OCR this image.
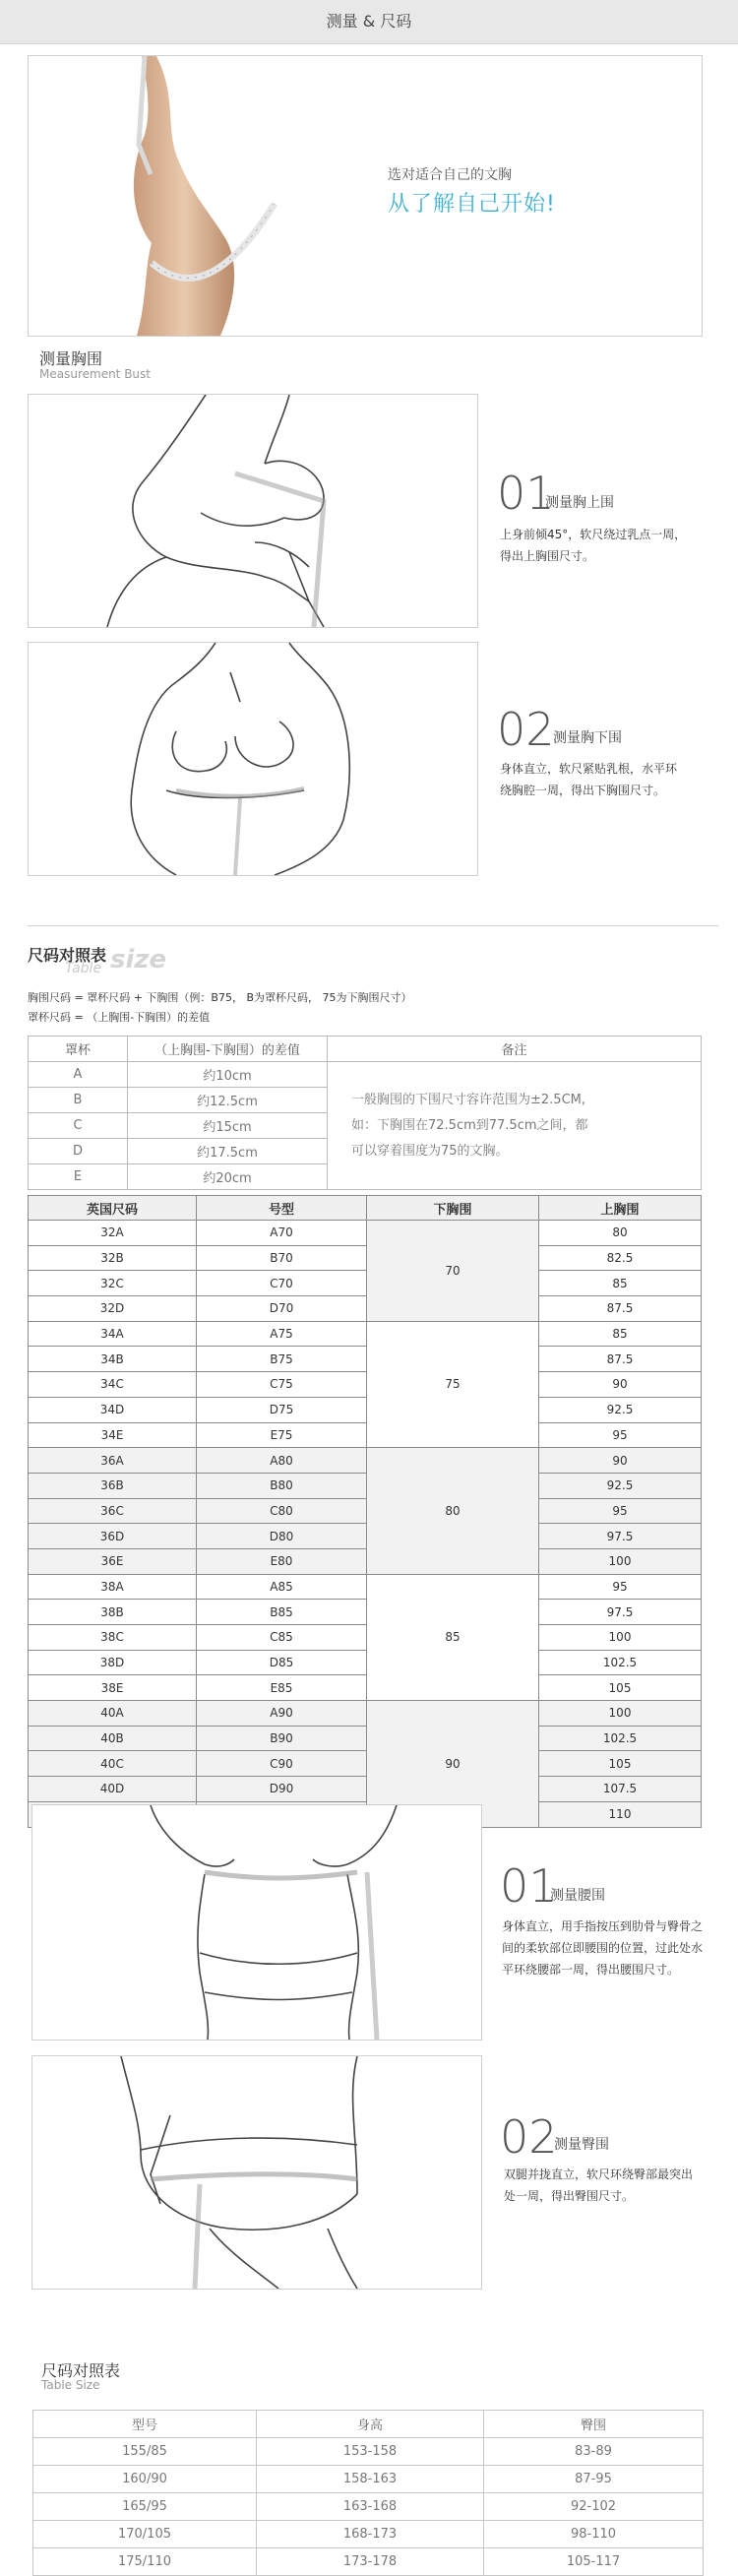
测量 & 尺码
选对适合自己的文胸
从了解自己开始!
测量胸围
Measurement Bust
01
测量胸上围
上身前倾45°，软尺绕过乳点一周，
得出上胸围尺寸。
02
测量胸下围
身体直立，软尺紧贴乳根，水平环
绕胸腔一周，得出下胸围尺寸。
尺码对照表
Table size
胸围尺码 = 罩杯尺码 + 下胸围（例：B75， B为罩杯尺码， 75为下胸围尺寸）
罩杯尺码 = （上胸围-下胸围）的差值
罩杯	（上胸围-下胸围）的差值	备注
A	约10cm	一般胸围的下围尺寸容许范围为±2.5CM,
如：下胸围在72.5cm到77.5cm之间，都
可以穿着围度为75的文胸。

B	约12.5cm	
C	约15cm	
D	约17.5cm	
E	约20cm	
英国尺码	号型	下胸围	上胸围
32A	A70	70	80
32B	B70		82.5
32C	C70		85
32D	D70		87.5
34A	A75	75	85
34B	B75		87.5
34C	C75		90
34D	D75		92.5
34E	E75		95
36A	A80	80	90
36B	B80		92.5
36C	C80		95
36D	D80		97.5
36E	E80		100
38A	A85	85	95
38B	B85		97.5
38C	C85		100
38D	D85		102.5
38E	E85		105
40A	A90	90	100
40B	B90		102.5
40C	C90		105
40D	D90		107.5
		110
01
测量腰围
身体直立，用手指按压到肋骨与臀骨之
间的柔软部位即腰围的位置，过此处水
平环绕腰部一周，得出腰围尺寸。
02
测量臀围
双腿并拢直立，软尺环绕臀部最突出
处一周，得出臀围尺寸。
尺码对照表
Table Size
型号	身高	臀围
155/85	153-158	83-89
160/90	158-163	87-95
165/95	163-168	92-102
170/105	168-173	98-110
175/110	173-178	105-117
